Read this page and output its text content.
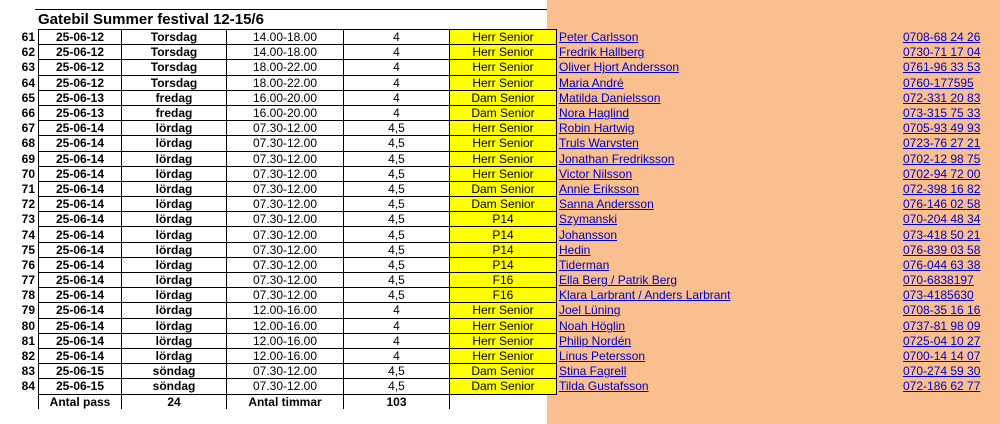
Gatebil Summer festival 12-15/6
61	25-06-12	Torsdag	14.00-18.00	4	Herr Senior	Peter Carlsson	0708-68 24 26
62	25-06-12	Torsdag	14.00-18.00	4	Herr Senior	Fredrik Hallberg	0730-71 17 04
63	25-06-12	Torsdag	18.00-22.00	4	Herr Senior	Oliver Hjort Andersson	0761-96 33 53
64	25-06-12	Torsdag	18.00-22.00	4	Herr Senior	Maria André	0760-177595
65	25-06-13	fredag	16.00-20.00	4	Dam Senior	Matilda Danielsson	072-331 20 83
66	25-06-13	fredag	16.00-20.00	4	Dam Senior	Nora Haglind	073-315 75 33
67	25-06-14	lördag	07.30-12.00	4,5	Herr Senior	Robin Hartwig	0705-93 49 93
68	25-06-14	lördag	07.30-12.00	4,5	Herr Senior	Truls Warvsten	0723-76 27 21
69	25-06-14	lördag	07.30-12.00	4,5	Herr Senior	Jonathan Fredriksson	0702-12 98 75
70	25-06-14	lördag	07.30-12.00	4,5	Herr Senior	Victor Nilsson	0702-94 72 00
71	25-06-14	lördag	07.30-12.00	4,5	Dam Senior	Annie Eriksson	072-398 16 82
72	25-06-14	lördag	07.30-12.00	4,5	Dam Senior	Sanna Andersson	076-146 02 58
73	25-06-14	lördag	07.30-12.00	4,5	P14	Szymanski	070-204 48 34
74	25-06-14	lördag	07.30-12.00	4,5	P14	Johansson	073-418 50 21
75	25-06-14	lördag	07.30-12.00	4,5	P14	Hedin	076-839 03 58
76	25-06-14	lördag	07.30-12.00	4,5	P14	Tiderman	076-044 63 38
77	25-06-14	lördag	07.30-12.00	4,5	F16	Ella Berg / Patrik Berg	070-6838197
78	25-06-14	lördag	07.30-12.00	4,5	F16	Klara Larbrant / Anders Larbrant	073-4185630
79	25-06-14	lördag	12.00-16.00	4	Herr Senior	Joel Lüning	0708-35 16 16
80	25-06-14	lördag	12.00-16.00	4	Herr Senior	Noah Höglin	0737-81 98 09
81	25-06-14	lördag	12.00-16.00	4	Herr Senior	Philip Nordén	0725-04 10 27
82	25-06-14	lördag	12.00-16.00	4	Herr Senior	Linus Petersson	0700-14 14 07
83	25-06-15	söndag	07.30-12.00	4,5	Dam Senior	Stina Fagrell	070-274 59 30
84	25-06-15	söndag	07.30-12.00	4,5	Dam Senior	Tilda Gustafsson	072-186 62 77
	Antal pass	24	Antal timmar	103			
